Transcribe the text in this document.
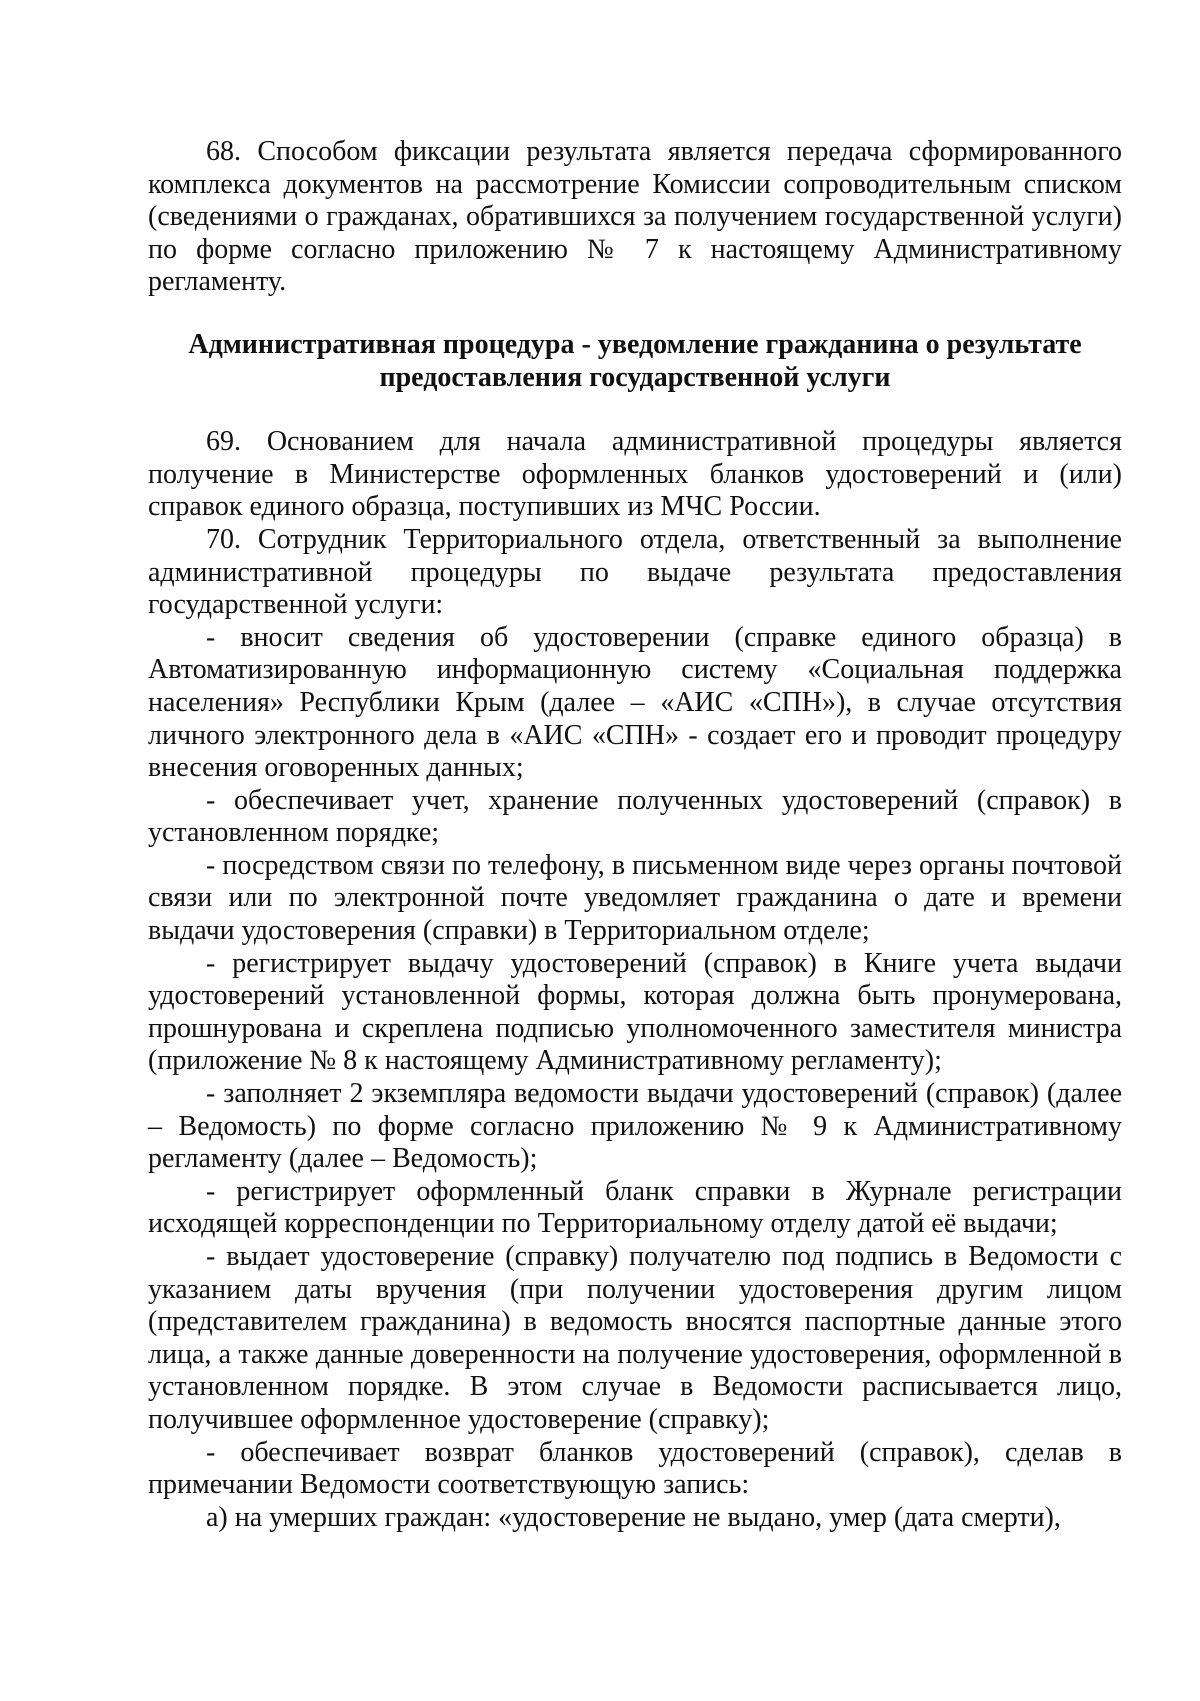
68. Способом фиксации результата является передача сформированного комплекса документов на рассмотрение Комиссии сопроводительным списком (сведениями о гражданах, обратившихся за получением государственной услуги) по форме согласно приложению № 7 к настоящему Административному регламенту.

Административная процедура - уведомление гражданина о результате
предоставления государственной услуги

69. Основанием для начала административной процедуры является получение в Министерстве оформленных бланков удостоверений и (или) справок единого образца, поступивших из МЧС России.

70. Сотрудник Территориального отдела, ответственный за выполнение административной процедуры по выдаче результата предоставления государственной услуги:

- вносит сведения об удостоверении (справке единого образца) в Автоматизированную информационную систему «Социальная поддержка населения» Республики Крым (далее – «АИС «СПН»), в случае отсутствия личного электронного дела в «АИС «СПН» - создает его и проводит процедуру внесения оговоренных данных;

- обеспечивает учет, хранение полученных удостоверений (справок) в установленном порядке;

- посредством связи по телефону, в письменном виде через органы почтовой связи или по электронной почте уведомляет гражданина о дате и времени выдачи удостоверения (справки) в Территориальном отделе;

- регистрирует выдачу удостоверений (справок) в Книге учета выдачи удостоверений установленной формы, которая должна быть пронумерована, прошнурована и скреплена подписью уполномоченного заместителя министра (приложение № 8 к настоящему Административному регламенту);

- заполняет 2 экземпляра ведомости выдачи удостоверений (справок) (далее – Ведомость) по форме согласно приложению № 9 к Административному регламенту (далее – Ведомость);

- регистрирует оформленный бланк справки в Журнале регистрации исходящей корреспонденции по Территориальному отделу датой её выдачи;

- выдает удостоверение (справку) получателю под подпись в Ведомости с указанием даты вручения (при получении удостоверения другим лицом (представителем гражданина) в ведомость вносятся паспортные данные этого лица, а также данные доверенности на получение удостоверения, оформленной в установленном порядке. В этом случае в Ведомости расписывается лицо, получившее оформленное удостоверение (справку);

- обеспечивает возврат бланков удостоверений (справок), сделав в примечании Ведомости соответствующую запись:

а) на умерших граждан: «удостоверение не выдано, умер (дата смерти),
